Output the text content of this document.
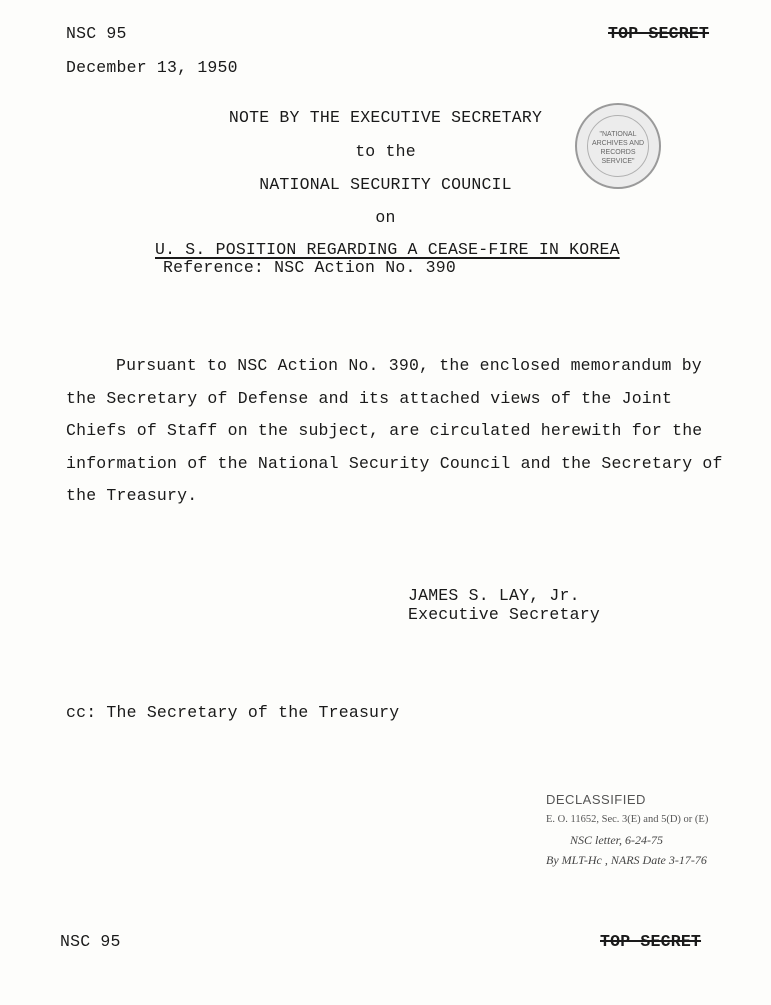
NSC 95	TOP SECRET
December 13, 1950
NOTE BY THE EXECUTIVE SECRETARY
to the
NATIONAL SECURITY COUNCIL
on
U. S. POSITION REGARDING A CEASE-FIRE IN KOREA
Reference: NSC Action No. 390
"NATIONAL
ARCHIVES AND
RECORDS
SERVICE"

Pursuant to NSC Action No. 390, the enclosed memorandum by
the Secretary of Defense and its attached views of the Joint
Chiefs of Staff on the subject, are circulated herewith for the
information of the National Security Council and the Secretary of
the Treasury.

JAMES S. LAY, Jr.
Executive Secretary
cc: The Secretary of the Treasury
DECLASSIFIED
E. O. 11652, Sec. 3(E) and 5(D) or (E)
NSC letter, 6-24-75
By MLT-Hc , NARS Date 3-17-76
NSC 95	TOP SECRET
